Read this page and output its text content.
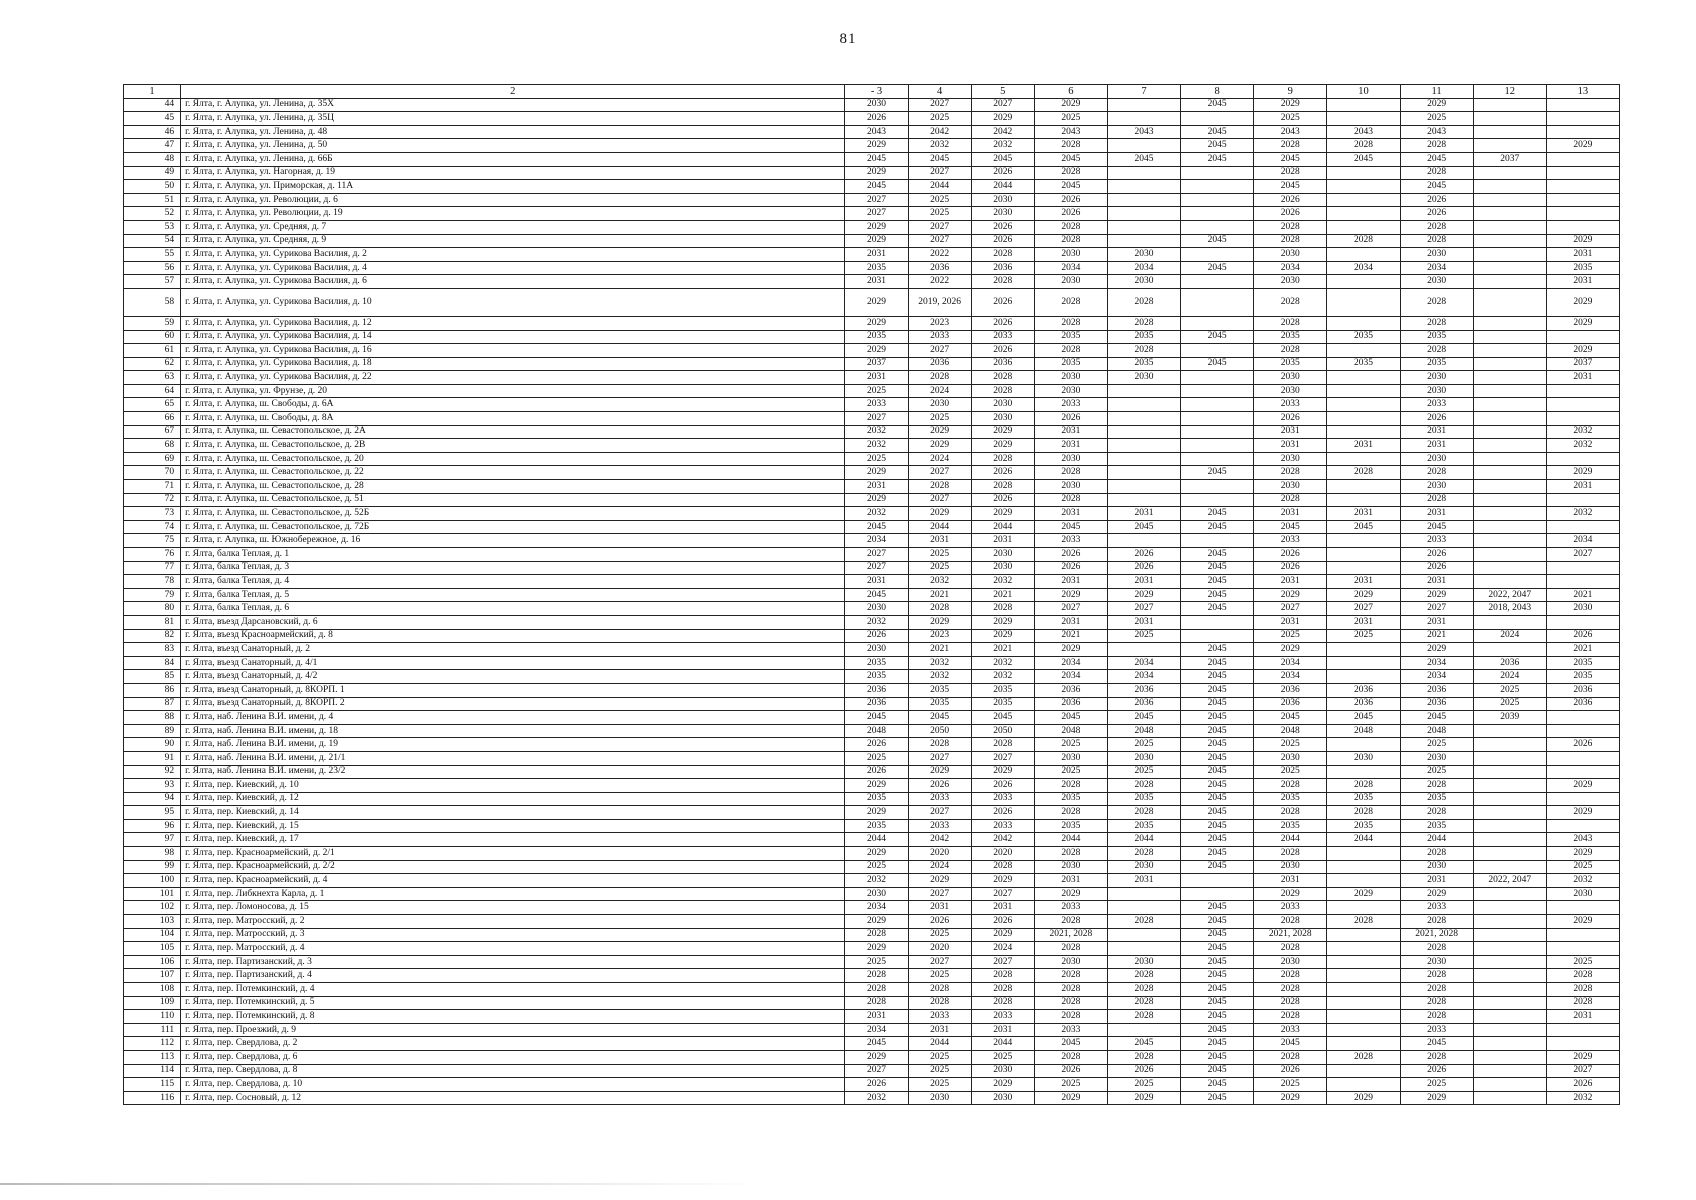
81
1	2	- 3	4	5	6	7	8	9	10	11	12	13
44	г. Ялта, г. Алупка, ул. Ленина, д. 35Х	2030	2027	2027	2029		2045	2029		2029		
45	г. Ялта, г. Алупка, ул. Ленина, д. 35Ц	2026	2025	2029	2025			2025		2025		
46	г. Ялта, г. Алупка, ул. Ленина, д. 48	2043	2042	2042	2043	2043	2045	2043	2043	2043		
47	г. Ялта, г. Алупка, ул. Ленина, д. 50	2029	2032	2032	2028		2045	2028	2028	2028		2029
48	г. Ялта, г. Алупка, ул. Ленина, д. 66Б	2045	2045	2045	2045	2045	2045	2045	2045	2045	2037	
49	г. Ялта, г. Алупка, ул. Нагорная, д. 19	2029	2027	2026	2028			2028		2028		
50	г. Ялта, г. Алупка, ул. Приморская, д. 11А	2045	2044	2044	2045			2045		2045		
51	г. Ялта, г. Алупка, ул. Революции, д. 6	2027	2025	2030	2026			2026		2026		
52	г. Ялта, г. Алупка, ул. Революции, д. 19	2027	2025	2030	2026			2026		2026		
53	г. Ялта, г. Алупка, ул. Средняя, д. 7	2029	2027	2026	2028			2028		2028		
54	г. Ялта, г. Алупка, ул. Средняя, д. 9	2029	2027	2026	2028		2045	2028	2028	2028		2029
55	г. Ялта, г. Алупка, ул. Сурикова Василия, д. 2	2031	2022	2028	2030	2030		2030		2030		2031
56	г. Ялта, г. Алупка, ул. Сурикова Василия, д. 4	2035	2036	2036	2034	2034	2045	2034	2034	2034		2035
57	г. Ялта, г. Алупка, ул. Сурикова Василия, д. 6	2031	2022	2028	2030	2030		2030		2030		2031
58	г. Ялта, г. Алупка, ул. Сурикова Василия, д. 10	2029	2019, 2026	2026	2028	2028		2028		2028		2029
59	г. Ялта, г. Алупка, ул. Сурикова Василия, д. 12	2029	2023	2026	2028	2028		2028		2028		2029
60	г. Ялта, г. Алупка, ул. Сурикова Василия, д. 14	2035	2033	2033	2035	2035	2045	2035	2035	2035		
61	г. Ялта, г. Алупка, ул. Сурикова Василия, д. 16	2029	2027	2026	2028	2028		2028		2028		2029
62	г. Ялта, г. Алупка, ул. Сурикова Василия, д. 18	2037	2036	2036	2035	2035	2045	2035	2035	2035		2037
63	г. Ялта, г. Алупка, ул. Сурикова Василия, д. 22	2031	2028	2028	2030	2030		2030		2030		2031
64	г. Ялта, г. Алупка, ул. Фрунзе, д. 20	2025	2024	2028	2030			2030		2030		
65	г. Ялта, г. Алупка, ш. Свободы, д. 6А	2033	2030	2030	2033			2033		2033		
66	г. Ялта, г. Алупка, ш. Свободы, д. 8А	2027	2025	2030	2026			2026		2026		
67	г. Ялта, г. Алупка, ш. Севастопольское, д. 2А	2032	2029	2029	2031			2031		2031		2032
68	г. Ялта, г. Алупка, ш. Севастопольское, д. 2В	2032	2029	2029	2031			2031	2031	2031		2032
69	г. Ялта, г. Алупка, ш. Севастопольское, д. 20	2025	2024	2028	2030			2030		2030		
70	г. Ялта, г. Алупка, ш. Севастопольское, д. 22	2029	2027	2026	2028		2045	2028	2028	2028		2029
71	г. Ялта, г. Алупка, ш. Севастопольское, д. 28	2031	2028	2028	2030			2030		2030		2031
72	г. Ялта, г. Алупка, ш. Севастопольское, д. 51	2029	2027	2026	2028			2028		2028		
73	г. Ялта, г. Алупка, ш. Севастопольское, д. 52Б	2032	2029	2029	2031	2031	2045	2031	2031	2031		2032
74	г. Ялта, г. Алупка, ш. Севастопольское, д. 72Б	2045	2044	2044	2045	2045	2045	2045	2045	2045		
75	г. Ялта, г. Алупка, ш. Южнобережное, д. 16	2034	2031	2031	2033			2033		2033		2034
76	г. Ялта, балка Теплая, д. 1	2027	2025	2030	2026	2026	2045	2026		2026		2027
77	г. Ялта, балка Теплая, д. 3	2027	2025	2030	2026	2026	2045	2026		2026		
78	г. Ялта, балка Теплая, д. 4	2031	2032	2032	2031	2031	2045	2031	2031	2031		
79	г. Ялта, балка Теплая, д. 5	2045	2021	2021	2029	2029	2045	2029	2029	2029	2022, 2047	2021
80	г. Ялта, балка Теплая, д. 6	2030	2028	2028	2027	2027	2045	2027	2027	2027	2018, 2043	2030
81	г. Ялта, въезд Дарсановский, д. 6	2032	2029	2029	2031	2031		2031	2031	2031		
82	г. Ялта, въезд Красноармейский, д. 8	2026	2023	2029	2021	2025		2025	2025	2021	2024	2026
83	г. Ялта, въезд Санаторный, д. 2	2030	2021	2021	2029		2045	2029		2029		2021
84	г. Ялта, въезд Санаторный, д. 4/1	2035	2032	2032	2034	2034	2045	2034		2034	2036	2035
85	г. Ялта, въезд Санаторный, д. 4/2	2035	2032	2032	2034	2034	2045	2034		2034	2024	2035
86	г. Ялта, въезд Санаторный, д. 8КОРП. 1	2036	2035	2035	2036	2036	2045	2036	2036	2036	2025	2036
87	г. Ялта, въезд Санаторный, д. 8КОРП. 2	2036	2035	2035	2036	2036	2045	2036	2036	2036	2025	2036
88	г. Ялта, наб. Ленина В.И. имени, д. 4	2045	2045	2045	2045	2045	2045	2045	2045	2045	2039	
89	г. Ялта, наб. Ленина В.И. имени, д. 18	2048	2050	2050	2048	2048	2045	2048	2048	2048		
90	г. Ялта, наб. Ленина В.И. имени, д. 19	2026	2028	2028	2025	2025	2045	2025		2025		2026
91	г. Ялта, наб. Ленина В.И. имени, д. 21/1	2025	2027	2027	2030	2030	2045	2030	2030	2030		
92	г. Ялта, наб. Ленина В.И. имени, д. 23/2	2026	2029	2029	2025	2025	2045	2025		2025		
93	г. Ялта, пер. Киевский, д. 10	2029	2026	2026	2028	2028	2045	2028	2028	2028		2029
94	г. Ялта, пер. Киевский, д. 12	2035	2033	2033	2035	2035	2045	2035	2035	2035		
95	г. Ялта, пер. Киевский, д. 14	2029	2027	2026	2028	2028	2045	2028	2028	2028		2029
96	г. Ялта, пер. Киевский, д. 15	2035	2033	2033	2035	2035	2045	2035	2035	2035		
97	г. Ялта, пер. Киевский, д. 17	2044	2042	2042	2044	2044	2045	2044	2044	2044		2043
98	г. Ялта, пер. Красноармейский, д. 2/1	2029	2020	2020	2028	2028	2045	2028		2028		2029
99	г. Ялта, пер. Красноармейский, д. 2/2	2025	2024	2028	2030	2030	2045	2030		2030		2025
100	г. Ялта, пер. Красноармейский, д. 4	2032	2029	2029	2031	2031		2031		2031	2022, 2047	2032
101	г. Ялта, пер. Либкнехта Карла, д. 1	2030	2027	2027	2029			2029	2029	2029		2030
102	г. Ялта, пер. Ломоносова, д. 15	2034	2031	2031	2033		2045	2033		2033		
103	г. Ялта, пер. Матросский, д. 2	2029	2026	2026	2028	2028	2045	2028	2028	2028		2029
104	г. Ялта, пер. Матросский, д. 3	2028	2025	2029	2021, 2028		2045	2021, 2028		2021, 2028		
105	г. Ялта, пер. Матросский, д. 4	2029	2020	2024	2028		2045	2028		2028		
106	г. Ялта, пер. Партизанский, д. 3	2025	2027	2027	2030	2030	2045	2030		2030		2025
107	г. Ялта, пер. Партизанский, д. 4	2028	2025	2028	2028	2028	2045	2028		2028		2028
108	г. Ялта, пер. Потемкинский, д. 4	2028	2028	2028	2028	2028	2045	2028		2028		2028
109	г. Ялта, пер. Потемкинский, д. 5	2028	2028	2028	2028	2028	2045	2028		2028		2028
110	г. Ялта, пер. Потемкинский, д. 8	2031	2033	2033	2028	2028	2045	2028		2028		2031
111	г. Ялта, пер. Проезжий, д. 9	2034	2031	2031	2033		2045	2033		2033		
112	г. Ялта, пер. Свердлова, д. 2	2045	2044	2044	2045	2045	2045	2045		2045		
113	г. Ялта, пер. Свердлова, д. 6	2029	2025	2025	2028	2028	2045	2028	2028	2028		2029
114	г. Ялта, пер. Свердлова, д. 8	2027	2025	2030	2026	2026	2045	2026		2026		2027
115	г. Ялта, пер. Свердлова, д. 10	2026	2025	2029	2025	2025	2045	2025		2025		2026
116	г. Ялта, пер. Сосновый, д. 12	2032	2030	2030	2029	2029	2045	2029	2029	2029		2032
